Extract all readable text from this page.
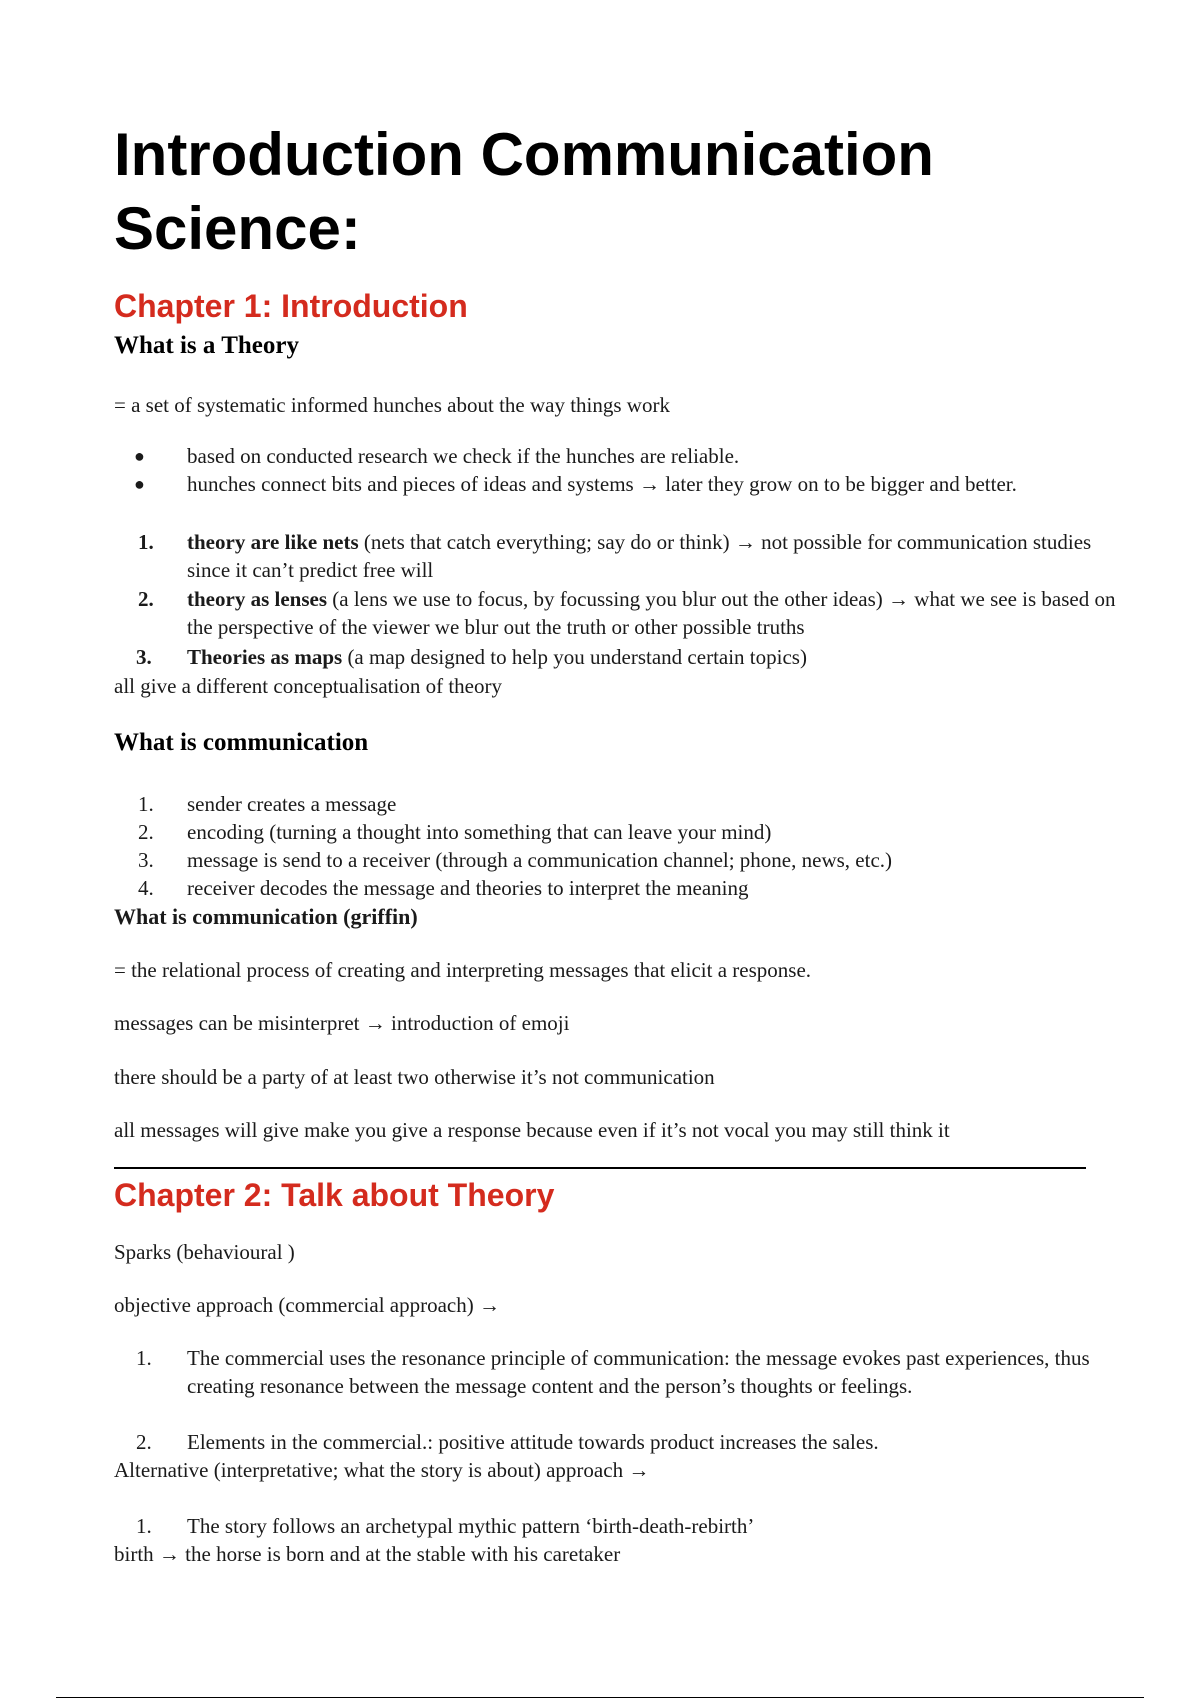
Introduction Communication Science:
Chapter 1: Introduction
What is a Theory

= a set of systematic informed hunches about the way things work

●	based on conducted research we check if the hunches are reliable.
●	hunches connect bits and pieces of ideas and systems → later they grow on to be bigger and better.
1.	theory are like nets (nets that catch everything; say do or think) → not possible for communication studies since it can’t predict free will
2.	theory as lenses (a lens we use to focus, by focussing you blur out the other ideas) → what we see is based on the perspective of the viewer we blur out the truth or other possible truths
3.	Theories as maps (a map designed to help you understand certain topics)

all give a different conceptualisation of theory

What is communication
1.	sender creates a message
2.	encoding (turning a thought into something that can leave your mind)
3.	message is send to a receiver (through a communication channel; phone, news, etc.)
4.	receiver decodes the message and theories to interpret the meaning

What is communication (griffin)

= the relational process of creating and interpreting messages that elicit a response.

messages can be misinterpret → introduction of emoji

there should be a party of at least two otherwise it’s not communication

all messages will give make you give a response because even if it’s not vocal you may still think it

Chapter 2: Talk about Theory

Sparks (behavioural )

objective approach (commercial approach) →

1.	The commercial uses the resonance principle of communication: the message evokes past experiences, thus creating resonance between the message content and the person’s thoughts or feelings.
2.	Elements in the commercial.: positive attitude towards product increases the sales.

Alternative (interpretative; what the story is about) approach →

1.	The story follows an archetypal mythic pattern ‘birth-death-rebirth’

birth → the horse is born and at the stable with his caretaker
